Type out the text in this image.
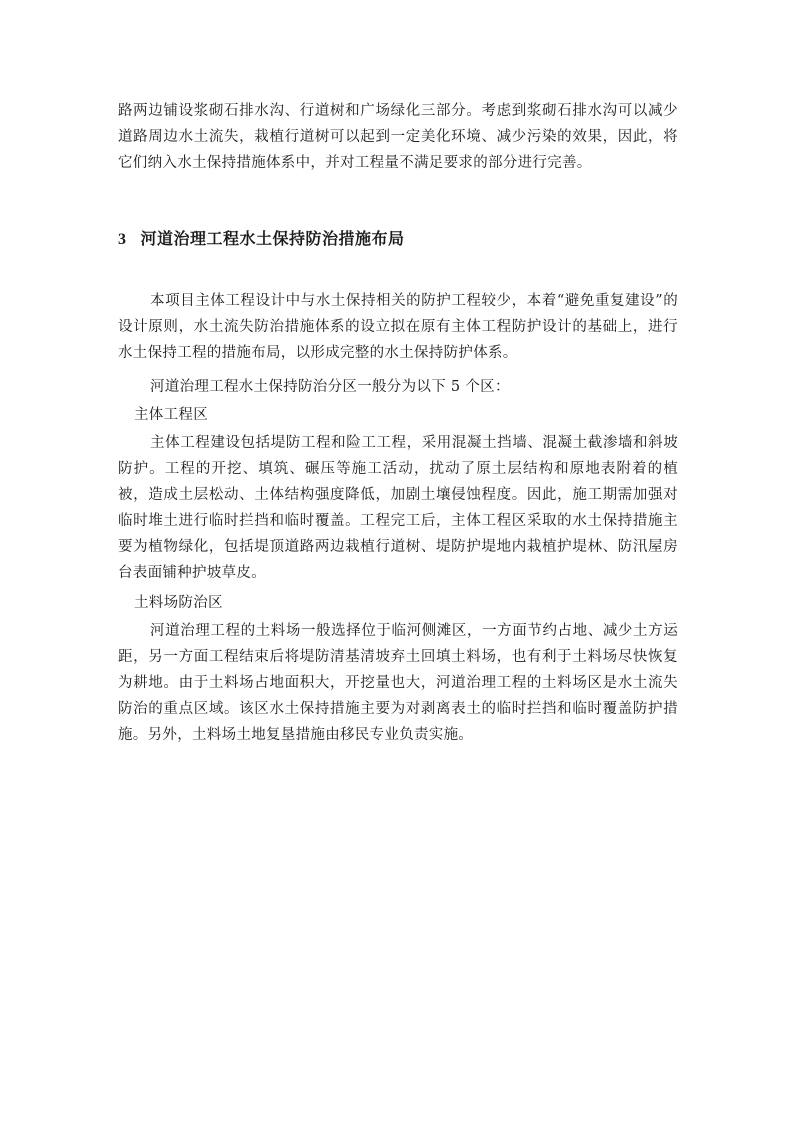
路两边铺设浆砌石排水沟、行道树和广场绿化三部分。考虑到浆砌石排水沟可以减少道路周边水土流失，栽植行道树可以起到一定美化环境、减少污染的效果，因此，将它们纳入水土保持措施体系中，并对工程量不满足要求的部分进行完善。

3 河道治理工程水土保持防治措施布局

本项目主体工程设计中与水土保持相关的防护工程较少，本着“避免重复建设”的设计原则，水土流失防治措施体系的设立拟在原有主体工程防护设计的基础上，进行水土保持工程的措施布局，以形成完整的水土保持防护体系。

河道治理工程水土保持防治分区一般分为以下 5 个区：

主体工程区

主体工程建设包括堤防工程和险工工程，采用混凝土挡墙、混凝土截渗墙和斜坡防护。工程的开挖、填筑、碾压等施工活动，扰动了原土层结构和原地表附着的植被，造成土层松动、土体结构强度降低，加剧土壤侵蚀程度。因此，施工期需加强对临时堆土进行临时拦挡和临时覆盖。工程完工后，主体工程区采取的水土保持措施主要为植物绿化，包括堤顶道路两边栽植行道树、堤防护堤地内栽植护堤林、防汛屋房台表面铺种护坡草皮。

土料场防治区

河道治理工程的土料场一般选择位于临河侧滩区，一方面节约占地、减少土方运距，另一方面工程结束后将堤防清基清坡弃土回填土料场，也有利于土料场尽快恢复为耕地。由于土料场占地面积大，开挖量也大，河道治理工程的土料场区是水土流失防治的重点区域。该区水土保持措施主要为对剥离表土的临时拦挡和临时覆盖防护措施。另外，土料场土地复垦措施由移民专业负责实施。
